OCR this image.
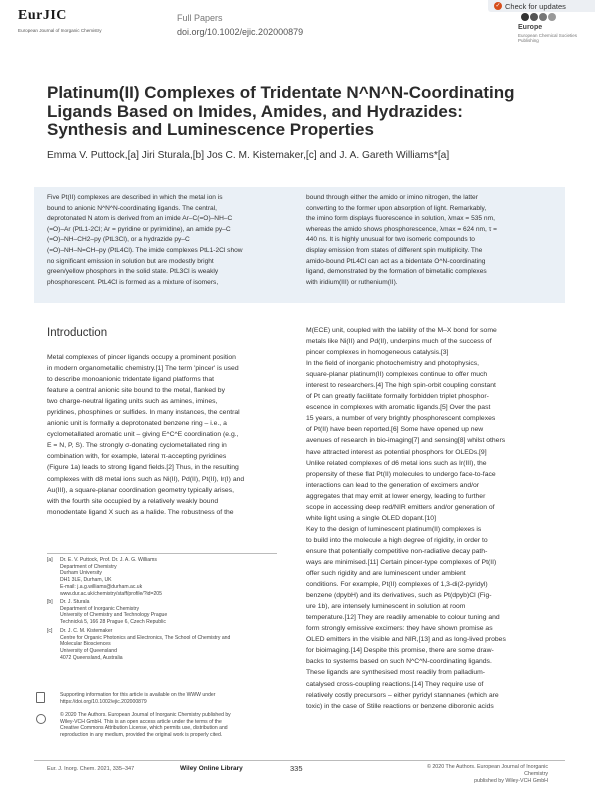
✓ Check for updates
EurJIC
European Journal of Inorganic Chemistry
Full Papers
doi.org/10.1002/ejic.202000879	Europe
European Chemical Societies Publishing
Platinum(II) Complexes of Tridentate N^N^N-Coordinating
Ligands Based on Imides, Amides, and Hydrazides:
Synthesis and Luminescence Properties
Emma V. Puttock,[a] Jiri Sturala,[b] Jos C. M. Kistemaker,[c] and J. A. Gareth Williams*[a]
Five Pt(II) complexes are described in which the metal ion is
bound to anionic N^N^N-coordinating ligands. The central,
deprotonated N atom is derived from an imide Ar–C(=O)–NH–C
(=O)–Ar (PtL1-2Cl; Ar = pyridine or pyrimidine), an amide py–C
(=O)–NH–CH2–py (PtL3Cl), or a hydrazide py–C
(=O)–NH–N=CH–py (PtL4Cl). The imide complexes PtL1-2Cl show
no significant emission in solution but are modestly bright
green/yellow phosphors in the solid state. PtL3Cl is weakly
phosphorescent. PtL4Cl is formed as a mixture of isomers,
bound through either the amido or imino nitrogen, the latter
converting to the former upon absorption of light. Remarkably,
the imino form displays fluorescence in solution, λmax = 535 nm,
whereas the amido shows phosphorescence, λmax = 624 nm, τ =
440 ns. It is highly unusual for two isomeric compounds to
display emission from states of different spin multiplicity. The
amido-bound PtL4Cl can act as a bidentate O^N-coordinating
ligand, demonstrated by the formation of bimetallic complexes
with iridium(III) or ruthenium(II).
Introduction
Metal complexes of pincer ligands occupy a prominent position
in modern organometallic chemistry.[1] The term 'pincer' is used
to describe monoanionic tridentate ligand platforms that
feature a central anionic site bound to the metal, flanked by
two charge-neutral ligating units such as amines, imines,
pyridines, phosphines or sulfides. In many instances, the central
anionic unit is formally a deprotonated benzene ring – i.e., a
cyclometallated aromatic unit – giving E^C^E coordination (e.g.,
E = N, P, S). The strongly σ-donating cyclometallated ring in
combination with, for example, lateral π-accepting pyridines
(Figure 1a) leads to strong ligand fields.[2] Thus, in the resulting
complexes with d8 metal ions such as Ni(II), Pd(II), Pt(II), Ir(I) and
Au(III), a square-planar coordination geometry typically arises,
with the fourth site occupied by a relatively weakly bound
monodentate ligand X such as a halide. The robustness of the
M(ECE) unit, coupled with the lability of the M–X bond for some
metals like Ni(II) and Pd(II), underpins much of the success of
pincer complexes in homogeneous catalysis.[3]
In the field of inorganic photochemistry and photophysics,
square-planar platinum(II) complexes continue to offer much
interest to researchers.[4] The high spin-orbit coupling constant
of Pt can greatly facilitate formally forbidden triplet phosphor-
escence in complexes with aromatic ligands.[5] Over the past
15 years, a number of very brightly phosphorescent complexes
of Pt(II) have been reported.[6] Some have opened up new
avenues of research in bio-imaging[7] and sensing[8] whilst others
have attracted interest as potential phosphors for OLEDs.[9]
Unlike related complexes of d6 metal ions such as Ir(III), the
propensity of these flat Pt(II) molecules to undergo face-to-face
interactions can lead to the generation of excimers and/or
aggregates that may emit at lower energy, leading to further
scope in accessing deep red/NIR emitters and/or generation of
white light using a single OLED dopant.[10]
Key to the design of luminescent platinum(II) complexes is
to build into the molecule a high degree of rigidity, in order to
ensure that potentially competitive non-radiative decay path-
ways are minimised.[11] Certain pincer-type complexes of Pt(II)
offer such rigidity and are luminescent under ambient
conditions. For example, Pt(II) complexes of 1,3-di(2-pyridyl)
benzene (dpybH) and its derivatives, such as Pt(dpyb)Cl (Fig-
ure 1b), are intensely luminescent in solution at room
temperature.[12] They are readily amenable to colour tuning and
form strongly emissive excimers: they have shown promise as
OLED emitters in the visible and NIR,[13] and as long-lived probes
for bioimaging.[14] Despite this promise, there are some draw-
backs to systems based on such N^C^N-coordinating ligands.
These ligands are synthesised most readily from palladium-
catalysed cross-coupling reactions.[14] They require use of
relatively costly precursors – either pyridyl stannanes (which are
toxic) in the case of Stille reactions or benzene diboronic acids
[a] Dr. E. V. Puttock, Prof. Dr. J. A. G. Williams
Department of Chemistry
Durham University
DH1 3LE, Durham, UK
E-mail: j.a.g.williams@durham.ac.uk
www.dur.ac.uk/chemistry/staff/profile/?id=205
[b] Dr. J. Sturala
Department of Inorganic Chemistry
University of Chemistry and Technology Prague
Technická 5, 166 28 Prague 6, Czech Republic
[c] Dr. J. C. M. Kistemaker
Centre for Organic Photonics and Electronics, The School of Chemistry and
Molecular Biosciences
University of Queensland
4072 Queensland, Australia
Supporting information for this article is available on the WWW under
https://doi.org/10.1002/ejic.202000879
© 2020 The Authors. European Journal of Inorganic Chemistry published by
Wiley-VCH GmbH. This is an open access article under the terms of the
Creative Commons Attribution License, which permits use, distribution and
reproduction in any medium, provided the original work is properly cited.
Eur. J. Inorg. Chem. 2021, 335–347	Wiley Online Library	335	© 2020 The Authors. European Journal of Inorganic Chemistry
published by Wiley-VCH GmbH
